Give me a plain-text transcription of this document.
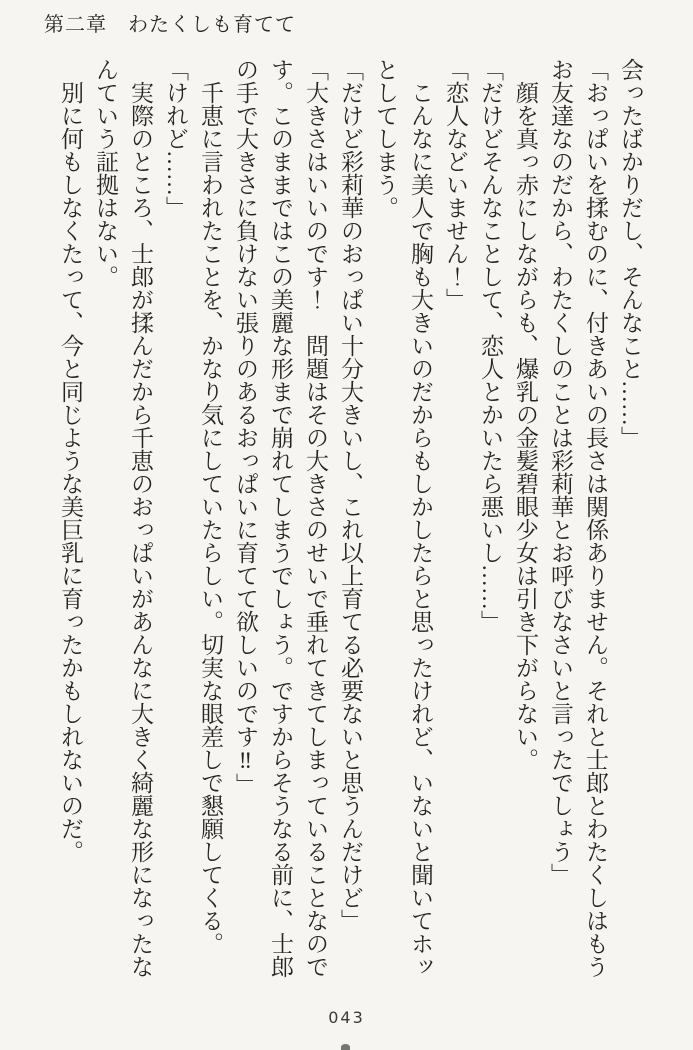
第二章　わたくしも育てて
会ったばかりだし、そんなこと……」
「おっぱいを揉むのに、付きあいの長さは関係ありません。それと士郎とわたくしはもう
お友達なのだから、わたくしのことは彩莉華とお呼びなさいと言ったでしょう」
　顔を真っ赤にしながらも、爆乳の金髪碧眼少女は引き下がらない。
「だけどそんなことして、恋人とかいたら悪いし……」
「恋人などいません！」
　こんなに美人で胸も大きいのだからもしかしたらと思ったけれど、いないと聞いてホッ
としてしまう。
「だけど彩莉華のおっぱい十分大きいし、これ以上育てる必要ないと思うんだけど」
「大きさはいいのです！　問題はその大きさのせいで垂れてきてしまっていることなので
す。このままではこの美麗な形まで崩れてしまうでしょう。ですからそうなる前に、士郎
の手で大きさに負けない張りのあるおっぱいに育てて欲しいのです‼」
　千恵に言われたことを、かなり気にしていたらしい。切実な眼差しで懇願してくる。
「けれど……」
　実際のところ、士郎が揉んだから千恵のおっぱいがあんなに大きく綺麗な形になったな
んていう証拠はない。
　別に何もしなくたって、今と同じような美巨乳に育ったかもしれないのだ。
043
